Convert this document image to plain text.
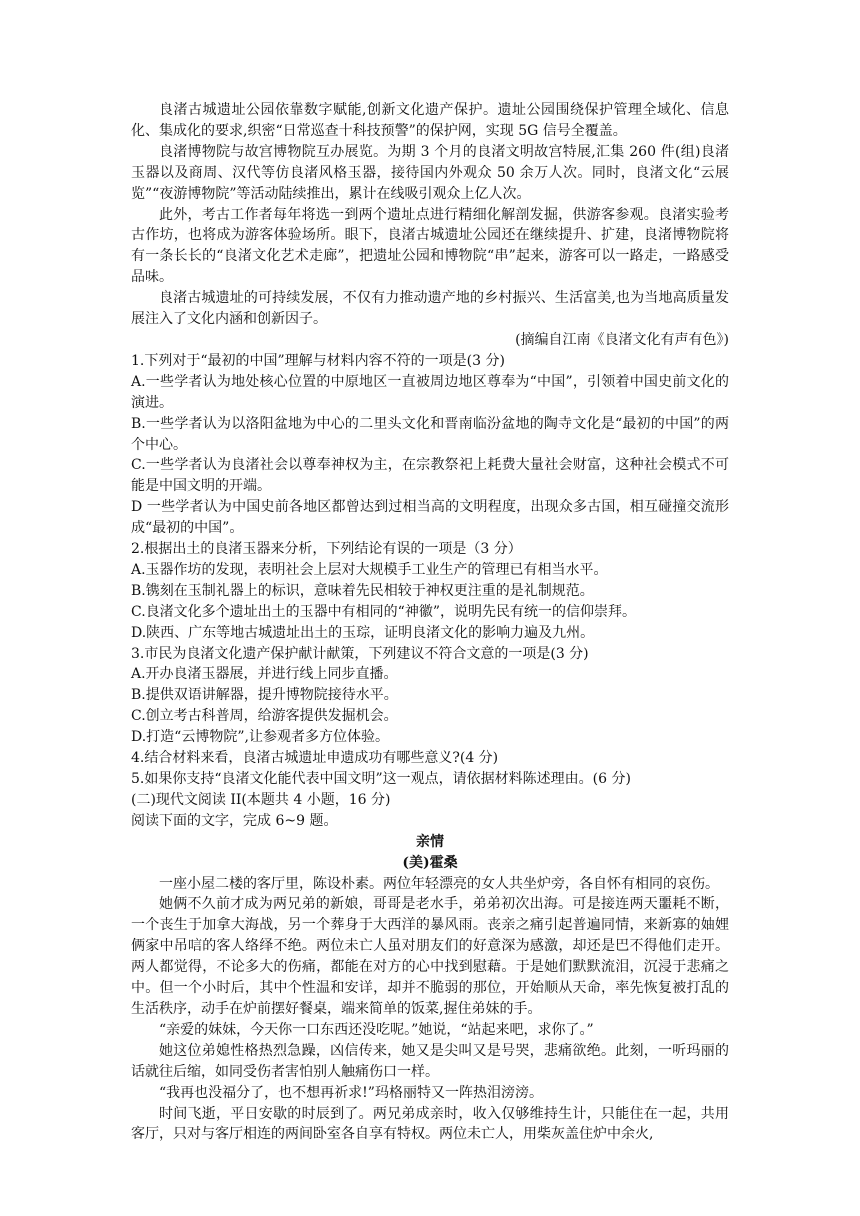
良渚古城遗址公园依靠数字赋能,创新文化遗产保护。遗址公园围绕保护管理全域化、信息化、集成化的要求,织密“日常巡查十科技预警”的保护网，实现 5G 信号全覆盖。

良渚博物院与故宫博物院互办展览。为期 3 个月的良渚文明故宫特展,汇集 260 件(组)良渚玉器以及商周、汉代等仿良渚风格玉器，接待国内外观众 50 余万人次。同时，良渚文化“云展览”“夜游博物院”等活动陆续推出，累计在线吸引观众上亿人次。

此外，考古工作者每年将选一到两个遗址点进行精细化解剖发掘，供游客参观。良渚实验考古作坊，也将成为游客体验场所。眼下，良渚古城遗址公园还在继续提升、扩建，良渚博物院将有一条长长的“良渚文化艺术走廊”，把遗址公园和博物院“串”起来，游客可以一路走，一路感受品味。

良渚古城遗址的可持续发展，不仅有力推动遗产地的乡村振兴、生活富美,也为当地高质量发展注入了文化内涵和创新因子。

(摘编自江南《良渚文化有声有色》)

1.下列对于“最初的中国”理解与材料内容不符的一项是(3 分)

A.一些学者认为地处核心位置的中原地区一直被周边地区尊奉为“中国”，引领着中国史前文化的演进。

B.一些学者认为以洛阳盆地为中心的二里头文化和晋南临汾盆地的陶寺文化是“最初的中国”的两个中心。

C.一些学者认为良渚社会以尊奉神权为主，在宗教祭祀上耗费大量社会财富，这种社会模式不可能是中国文明的开端。

D 一些学者认为中国史前各地区都曾达到过相当高的文明程度，出现众多古国，相互碰撞交流形成“最初的中国”。

2.根据出土的良渚玉器来分析，下列结论有误的一项是（3 分）

A.玉器作坊的发现，表明社会上层对大规模手工业生产的管理已有相当水平。

B.镌刻在玉制礼器上的标识，意味着先民相较于神权更注重的是礼制规范。

C.良渚文化多个遗址出土的玉器中有相同的“神徽”，说明先民有统一的信仰崇拜。

D.陕西、广东等地古城遗址出土的玉琮，证明良渚文化的影响力遍及九州。

3.市民为良渚文化遗产保护献计献策，下列建议不符合文意的一项是(3 分)

A.开办良渚玉器展，并进行线上同步直播。

B.提供双语讲解器，提升博物院接待水平。

C.创立考古科普周，给游客提供发掘机会。

D.打造“云博物院”,让参观者多方位体验。

4.结合材料来看，良渚古城遗址申遗成功有哪些意义?(4 分)

5.如果你支持“良渚文化能代表中国文明”这一观点，请依据材料陈述理由。(6 分)

(二)现代文阅读 II(本题共 4 小题，16 分)

阅读下面的文字，完成 6~9 题。

亲情

(美)霍桑

一座小屋二楼的客厅里，陈设朴素。两位年轻漂亮的女人共坐炉旁，各自怀有相同的哀伤。

她俩不久前才成为两兄弟的新娘，哥哥是老水手，弟弟初次出海。可是接连两天噩耗不断，一个丧生于加拿大海战，另一个葬身于大西洋的暴风雨。丧亲之痛引起普遍同情，来新寡的妯娌俩家中吊唁的客人络绎不绝。两位未亡人虽对朋友们的好意深为感激，却还是巴不得他们走开。两人都觉得，不论多大的伤痛，都能在对方的心中找到慰藉。于是她们默默流泪，沉浸于悲痛之中。但一个小时后，其中个性温和安详，却并不脆弱的那位，开始顺从天命，率先恢复被打乱的生活秩序，动手在炉前摆好餐桌，端来简单的饭菜,握住弟妹的手。

“亲爱的妹妹，今天你一口东西还没吃呢。”她说，“站起来吧，求你了。”

她这位弟媳性格热烈急躁，凶信传来，她又是尖叫又是号哭，悲痛欲绝。此刻，一听玛丽的话就往后缩，如同受伤者害怕别人触痛伤口一样。

“我再也没福分了，也不想再祈求!”玛格丽特又一阵热泪滂滂。

时间飞逝，平日安歇的时辰到了。两兄弟成亲时，收入仅够维持生计，只能住在一起，共用客厅，只对与客厅相连的两间卧室各自享有特权。两位未亡人，用柴灰盖住炉中余火,
